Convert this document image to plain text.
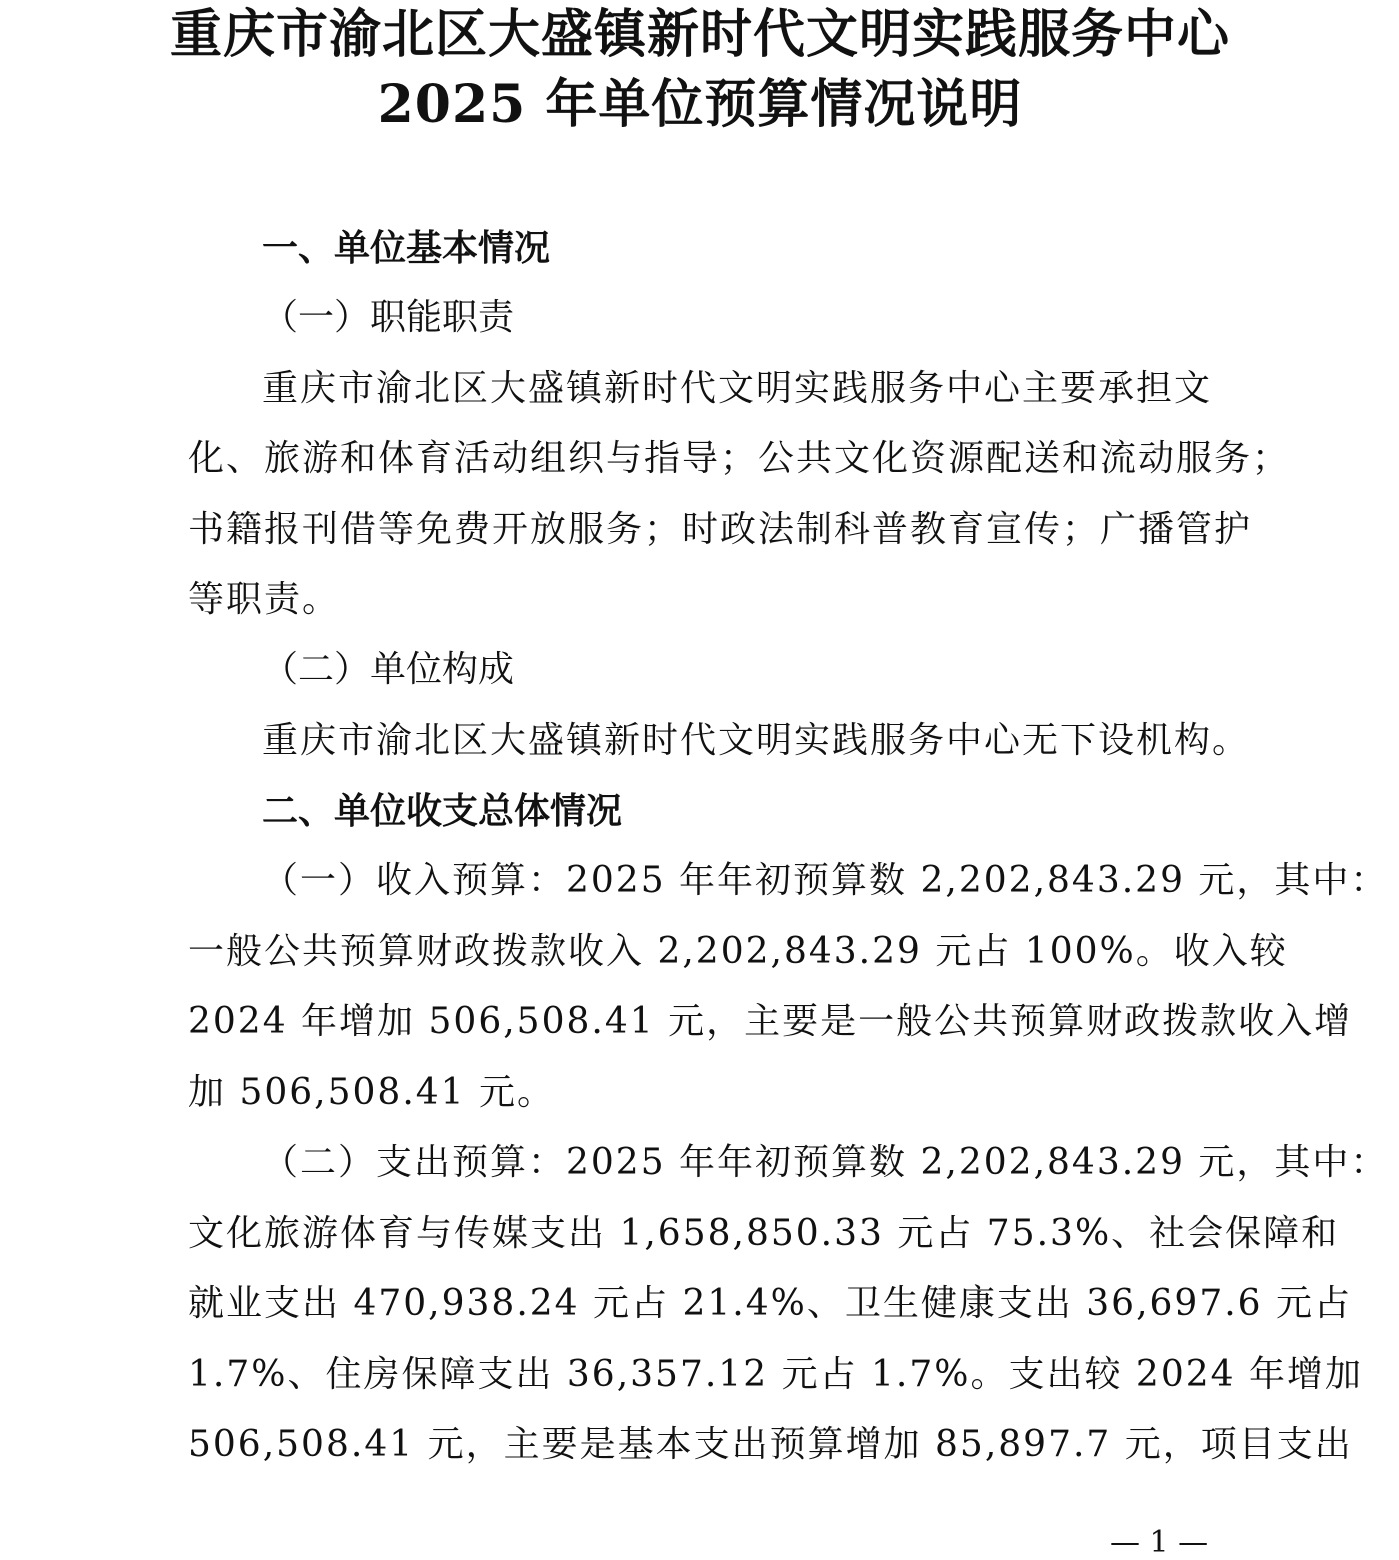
重庆市渝北区大盛镇新时代文明实践服务中心
2025 年单位预算情况说明
一、单位基本情况
（一）职能职责
重庆市渝北区大盛镇新时代文明实践服务中心主要承担文
化、旅游和体育活动组织与指导；公共文化资源配送和流动服务；
书籍报刊借等免费开放服务；时政法制科普教育宣传；广播管护
等职责。
（二）单位构成
重庆市渝北区大盛镇新时代文明实践服务中心无下设机构。
二、单位收支总体情况
（一）收入预算：2025 年年初预算数 2,202,843.29 元，其中：
一般公共预算财政拨款收入 2,202,843.29 元占 100%。收入较
2024 年增加 506,508.41 元，主要是一般公共预算财政拨款收入增
加 506,508.41 元。
（二）支出预算：2025 年年初预算数 2,202,843.29 元，其中：
文化旅游体育与传媒支出 1,658,850.33 元占 75.3%、社会保障和
就业支出 470,938.24 元占 21.4%、卫生健康支出 36,697.6 元占
1.7%、住房保障支出 36,357.12 元占 1.7%。支出较 2024 年增加
506,508.41 元，主要是基本支出预算增加 85,897.7 元，项目支出
— 1 —
